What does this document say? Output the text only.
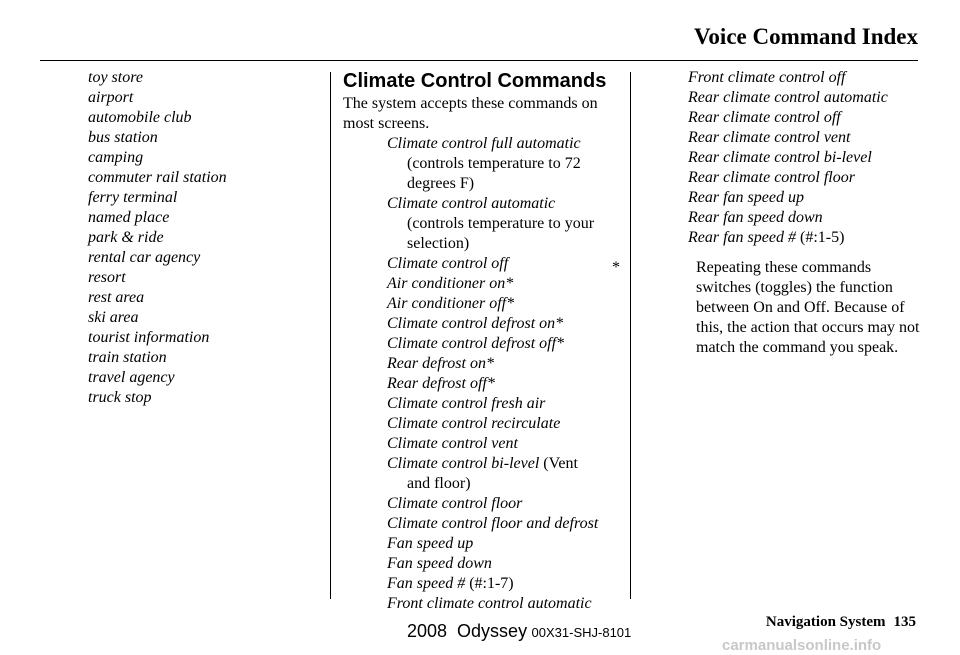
Voice Command Index
toy store
airport
automobile club
bus station
camping
commuter rail station
ferry terminal
named place
park & ride
rental car agency
resort
rest area
ski area
tourist information
train station
travel agency
truck stop
Climate Control Commands
The system accepts these commands on most screens.
Climate control full automatic
(controls temperature to 72 degrees F)
Climate control automatic
(controls temperature to your selection)
Climate control off
Air conditioner on*
Air conditioner off*
Climate control defrost on*
Climate control defrost off*
Rear defrost on*
Rear defrost off*
Climate control fresh air
Climate control recirculate
Climate control vent
Climate control bi-level (Vent
and floor)
Climate control floor
Climate control floor and defrost
Fan speed up
Fan speed down
Fan speed # (#:1-7)
Front climate control automatic
Front climate control off
Rear climate control automatic
Rear climate control off
Rear climate control vent
Rear climate control bi-level
Rear climate control floor
Rear fan speed up
Rear fan speed down
Rear fan speed # (#:1-5)
*	Repeating these commands switches (toggles) the function between On and Off. Because of this, the action that occurs may not match the command you speak.
Navigation System 135
2008  Odyssey 00X31-SHJ-8101
carmanualsonline.info
